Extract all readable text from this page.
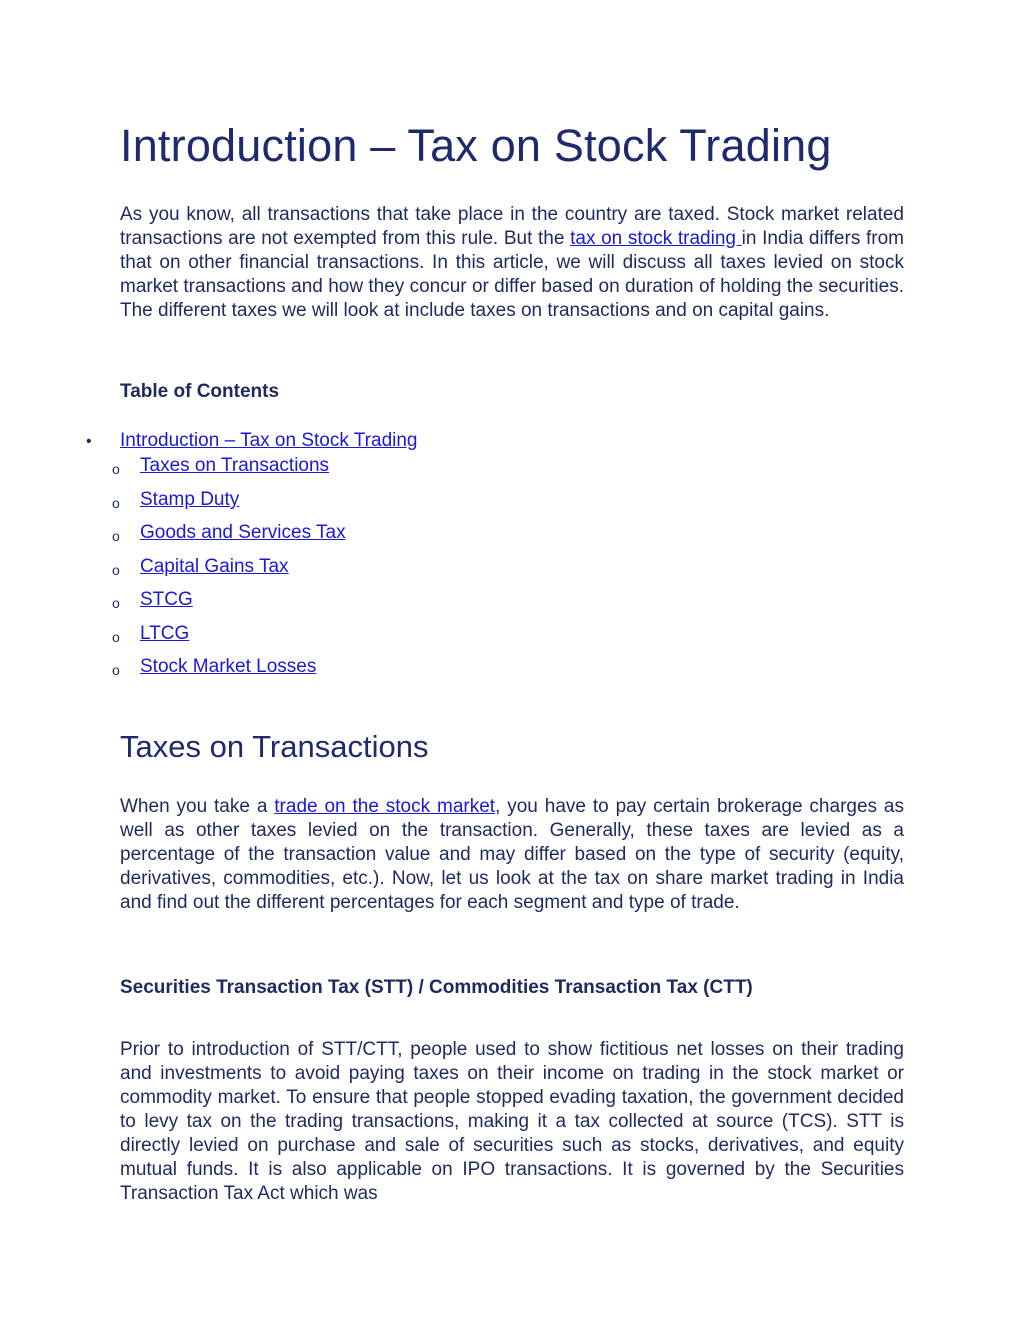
Introduction – Tax on Stock Trading

As you know, all transactions that take place in the country are taxed. Stock market related transactions are not exempted from this rule. But the tax on stock trading in India differs from that on other financial transactions. In this article, we will discuss all taxes levied on stock market transactions and how they concur or differ based on duration of holding the securities. The different taxes we will look at include taxes on transactions and on capital gains.

Table of Contents
• Introduction – Tax on Stock Trading
o Taxes on Transactions
o Stamp Duty
o Goods and Services Tax
o Capital Gains Tax
o STCG
o LTCG
o Stock Market Losses
Taxes on Transactions

When you take a trade on the stock market, you have to pay certain brokerage charges as well as other taxes levied on the transaction. Generally, these taxes are levied as a percentage of the transaction value and may differ based on the type of security (equity, derivatives, commodities, etc.). Now, let us look at the tax on share market trading in India and find out the different percentages for each segment and type of trade.

Securities Transaction Tax (STT) / Commodities Transaction Tax (CTT)

Prior to introduction of STT/CTT, people used to show fictitious net losses on their trading and investments to avoid paying taxes on their income on trading in the stock market or commodity market. To ensure that people stopped evading taxation, the government decided to levy tax on the trading transactions, making it a tax collected at source (TCS). STT is directly levied on purchase and sale of securities such as stocks, derivatives, and equity mutual funds. It is also applicable on IPO transactions. It is governed by the Securities Transaction Tax Act which was
